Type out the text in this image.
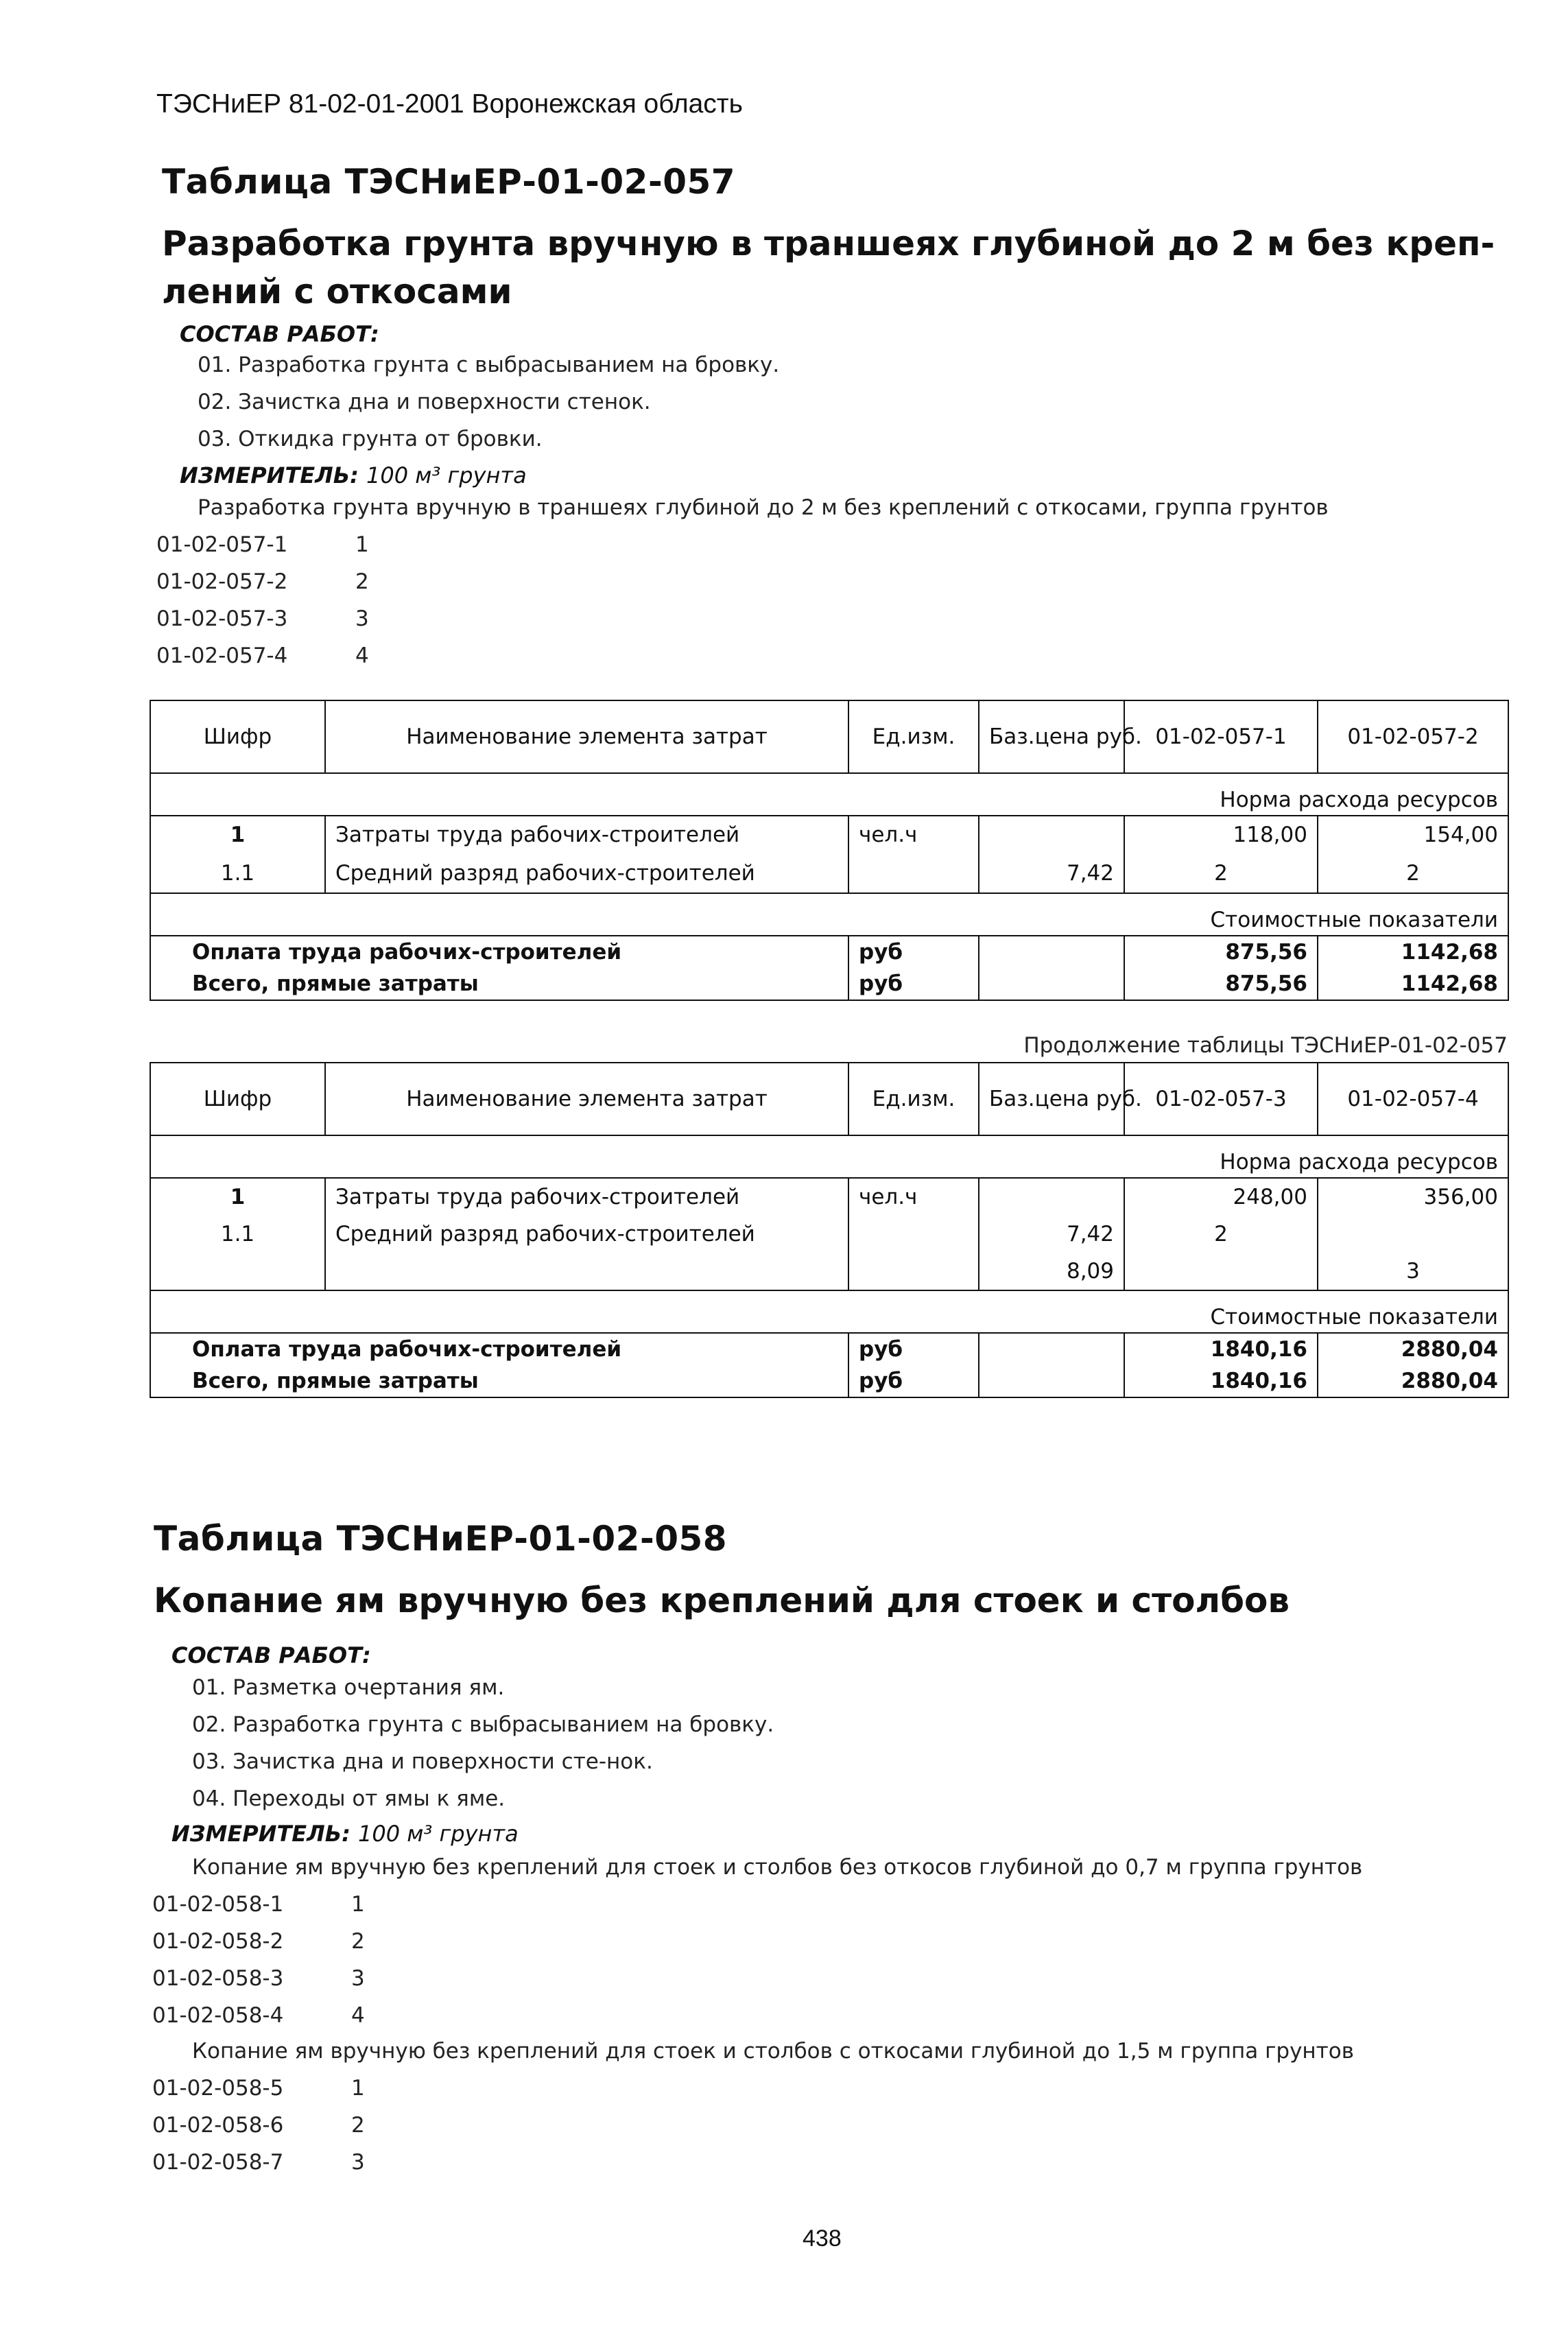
ТЭСНиЕР 81-02-01-2001 Воронежская область
Таблица ТЭСНиЕР-01-02-057
Разработка грунта вручную в траншеях глубиной до 2 м без креп-лений с откосами
СОСТАВ РАБОТ:
01. Разработка грунта с выбрасыванием на бровку.
02. Зачистка дна и поверхности стенок.
03. Откидка грунта от бровки.
ИЗМЕРИТЕЛЬ: 100 м³ грунта
Разработка грунта вручную в траншеях глубиной до 2 м без креплений с откосами, группа грунтов
01-02-057-1	1
01-02-057-2	2
01-02-057-3	3
01-02-057-4	4
Шифр	Наименование элемента затрат	Ед.изм.	Баз.цена руб.	01-02-057-1	01-02-057-2
Норма расхода ресурсов					
1	Затраты труда рабочих-строителей	чел.ч		118,00	154,00
1.1	Средний разряд рабочих-строителей		7,42	2	2
Стоимостные показатели					
Оплата труда рабочих-строителей		руб		875,56	1142,68
Всего, прямые затраты		руб		875,56	1142,68
Продолжение таблицы ТЭСНиЕР-01-02-057
Шифр	Наименование элемента затрат	Ед.изм.	Баз.цена руб.	01-02-057-3	01-02-057-4
Норма расхода ресурсов					
1	Затраты труда рабочих-строителей	чел.ч		248,00	356,00
1.1	Средний разряд рабочих-строителей		7,42	2	
			8,09		3
Стоимостные показатели					
Оплата труда рабочих-строителей		руб		1840,16	2880,04
Всего, прямые затраты		руб		1840,16	2880,04
Таблица ТЭСНиЕР-01-02-058
Копание ям вручную без креплений для стоек и столбов
СОСТАВ РАБОТ:
01. Разметка очертания ям.
02. Разработка грунта с выбрасыванием на бровку.
03. Зачистка дна и поверхности сте-нок.
04. Переходы от ямы к яме.
ИЗМЕРИТЕЛЬ: 100 м³ грунта
Копание ям вручную без креплений для стоек и столбов без откосов глубиной до 0,7 м группа грунтов
01-02-058-1	1
01-02-058-2	2
01-02-058-3	3
01-02-058-4	4
Копание ям вручную без креплений для стоек и столбов с откосами глубиной до 1,5 м группа грунтов
01-02-058-5	1
01-02-058-6	2
01-02-058-7	3
438
